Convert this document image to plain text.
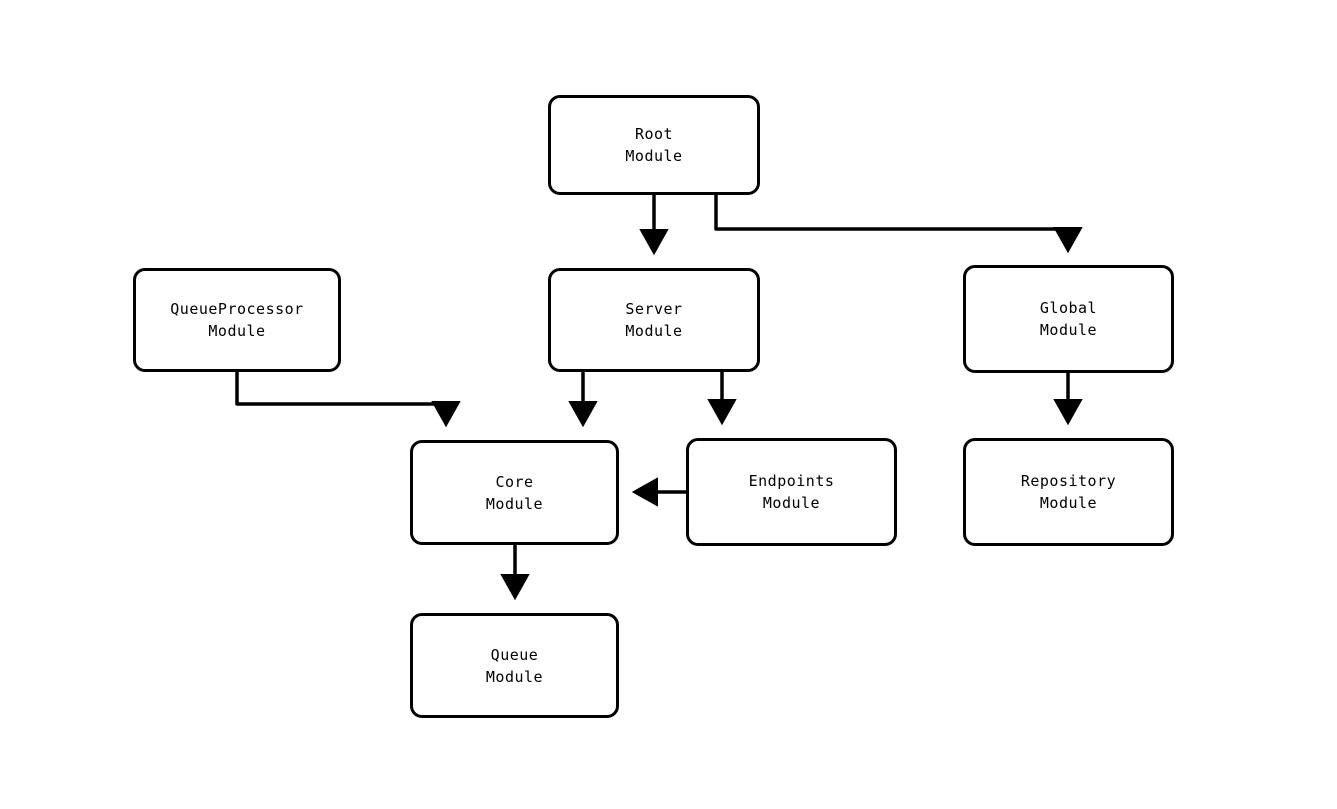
Root
Module
QueueProcessor
Module
Server
Module
Global
Module
Core
Module
Endpoints
Module
Repository
Module
Queue
Module
